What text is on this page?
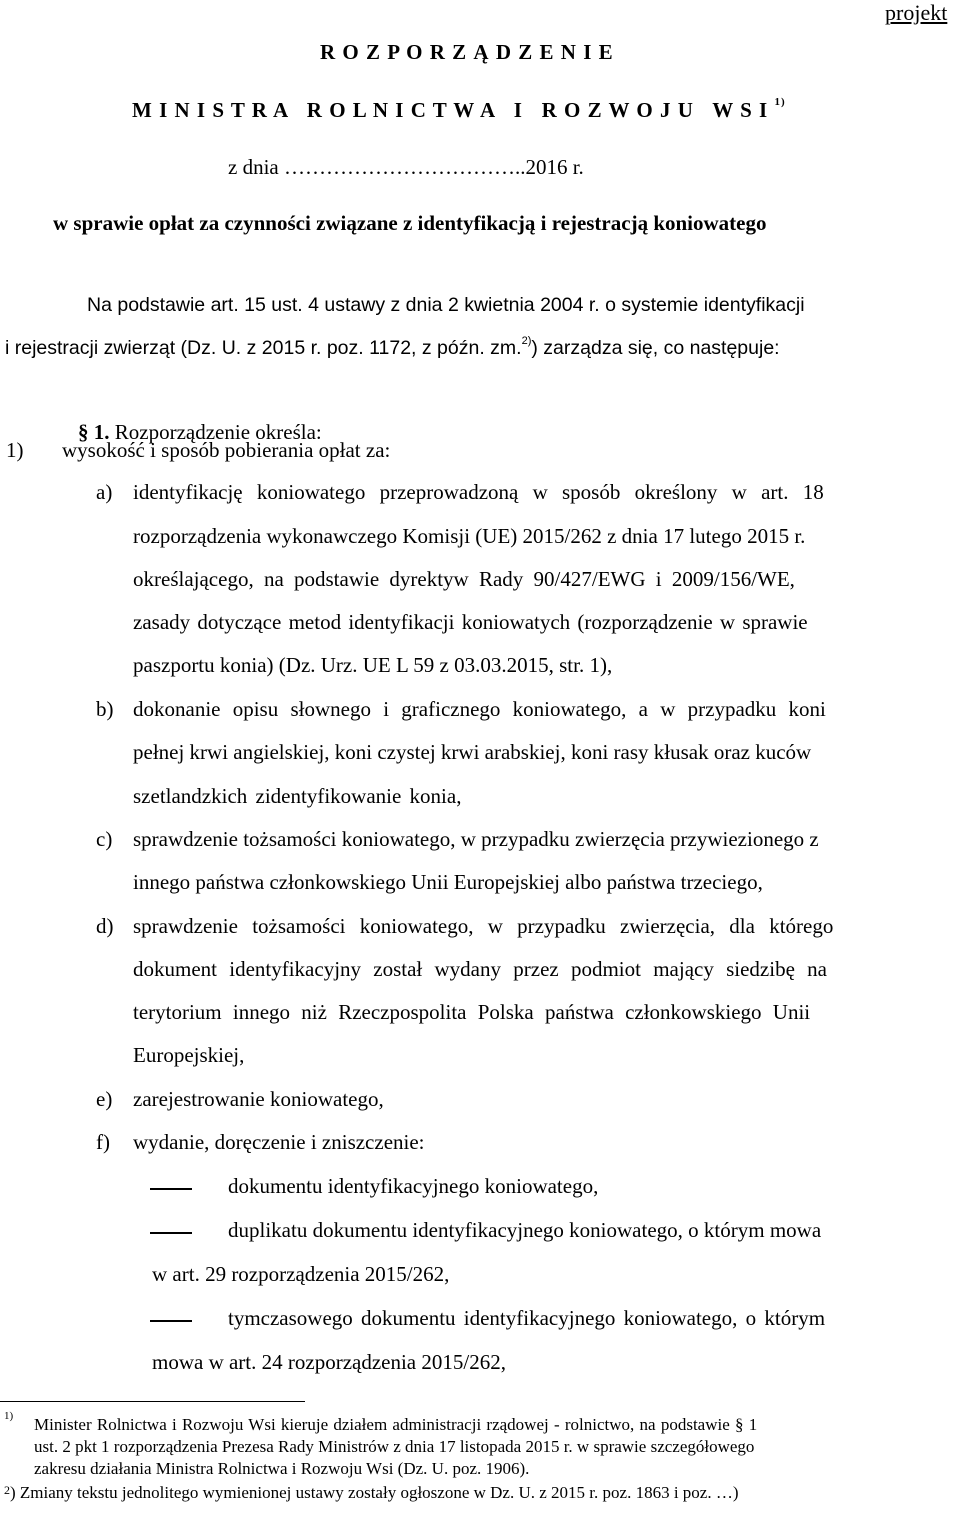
projekt
R O Z P O R Z Ą D Z E N I E
M I N I S T R A   R O L N I C T W A   I   R O Z W O J U   W S I $^{1)}$
z dnia ……………………………..2016 r.
w sprawie opłat za czynności związane z identyfikacją i rejestracją koniowatego
Na podstawie art. 15 ust. 4 ustawy z dnia 2 kwietnia 2004 r. o systemie identyfikacji
i rejestracji zwierząt (Dz. U. z 2015 r. poz. 1172, z późn. zm.$^{2)}$) zarządza się, co następuje:
§ 1. Rozporządzenie określa:
1) wysokość i sposób pobierania opłat za:
a) identyfikację koniowatego przeprowadzoną w sposób określony w art. 18
rozporządzenia wykonawczego Komisji (UE) 2015/262 z dnia 17 lutego 2015 r.
określającego, na podstawie dyrektyw Rady 90/427/EWG i 2009/156/WE,
zasady dotyczące metod identyfikacji koniowatych (rozporządzenie w sprawie
paszportu konia) (Dz. Urz. UE L 59 z 03.03.2015, str. 1),
b) dokonanie opisu słownego i graficznego koniowatego, a w przypadku koni
pełnej krwi angielskiej, koni czystej krwi arabskiej, koni rasy kłusak oraz kuców
szetlandzkich zidentyfikowanie konia,
c) sprawdzenie tożsamości koniowatego, w przypadku zwierzęcia przywiezionego z
innego państwa członkowskiego Unii Europejskiej albo państwa trzeciego,
d) sprawdzenie tożsamości koniowatego, w przypadku zwierzęcia, dla którego
dokument identyfikacyjny został wydany przez podmiot mający siedzibę na
terytorium innego niż Rzeczpospolita Polska państwa członkowskiego Unii
Europejskiej,
e) zarejestrowanie koniowatego,
f) wydanie, doręczenie i zniszczenie:
dokumentu identyfikacyjnego koniowatego,
duplikatu dokumentu identyfikacyjnego koniowatego, o którym mowa
w art. 29 rozporządzenia 2015/262,
tymczasowego dokumentu identyfikacyjnego koniowatego, o którym
mowa w art. 24 rozporządzenia 2015/262,
1) Minister Rolnictwa i Rozwoju Wsi kieruje działem administracji rządowej - rolnictwo, na podstawie § 1
ust. 2 pkt 1 rozporządzenia Prezesa Rady Ministrów z dnia 17 listopada 2015 r. w sprawie szczegółowego
zakresu działania Ministra Rolnictwa i Rozwoju Wsi (Dz. U. poz. 1906).
$^2$) Zmiany tekstu jednolitego wymienionej ustawy zostały ogłoszone w Dz. U. z 2015 r. poz. 1863 i poz. …)
